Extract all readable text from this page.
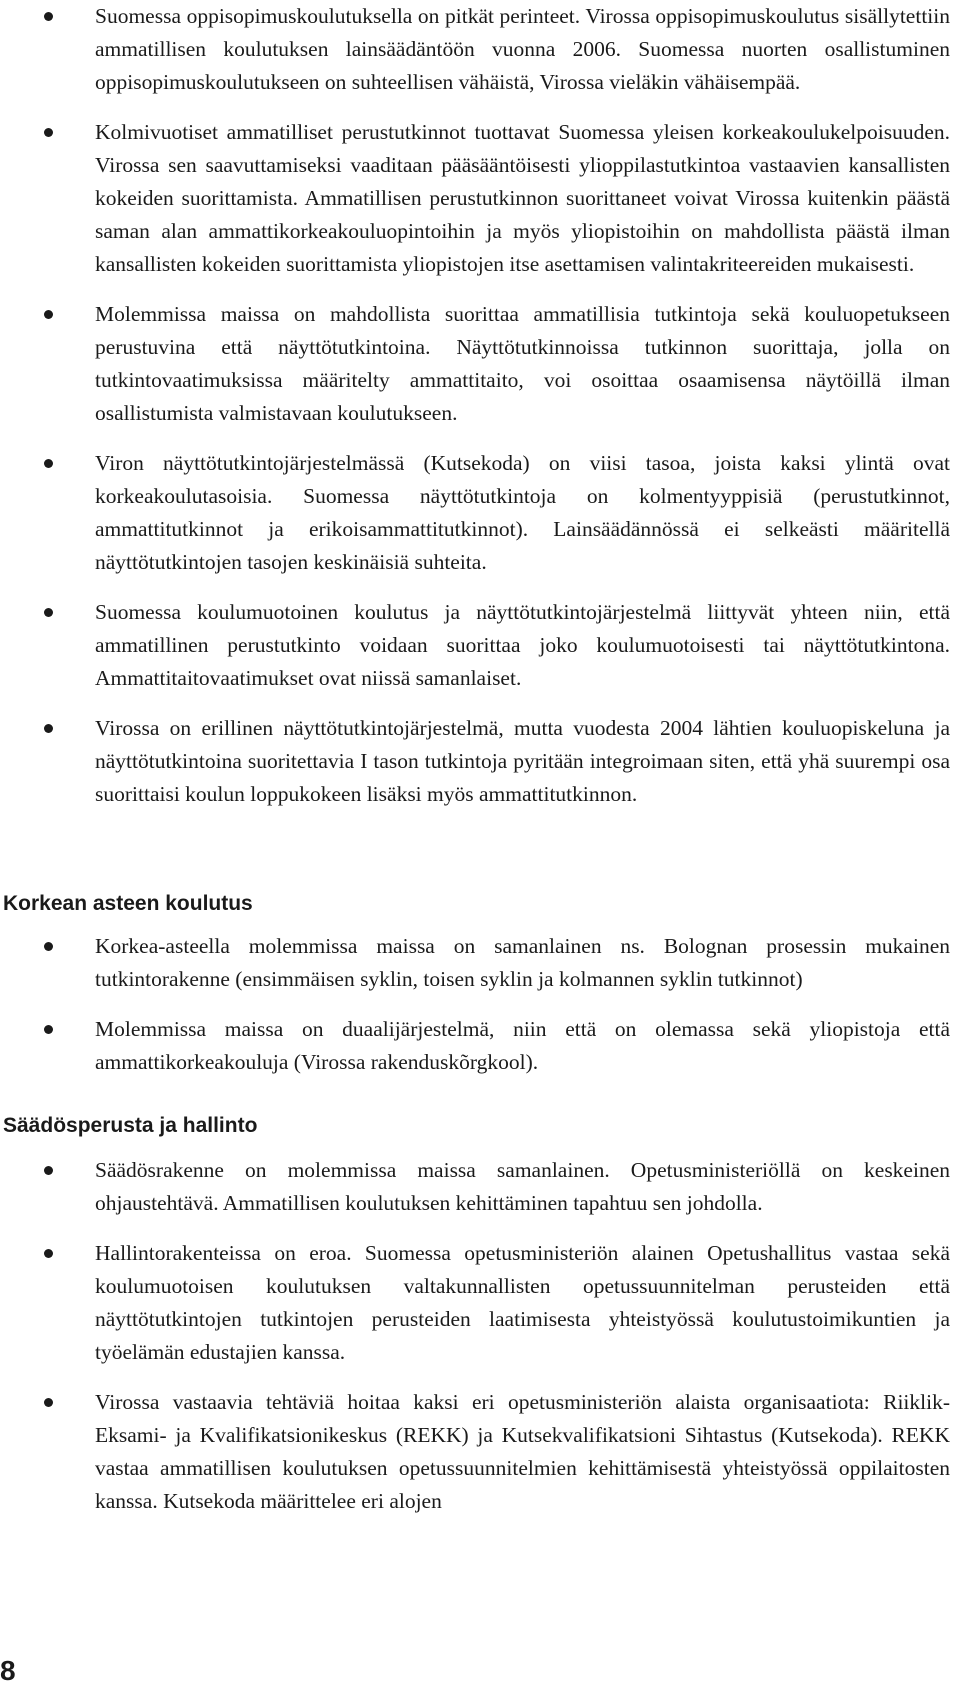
Suomessa oppisopimuskoulutuksella on pitkät perinteet. Virossa oppisopimuskoulutus sisällytettiin ammatillisen koulutuksen lainsäädäntöön vuonna 2006. Suomessa nuorten osallistuminen oppisopimuskoulutukseen on suhteellisen vähäistä, Virossa vieläkin vähäisempää.
Kolmivuotiset ammatilliset perustutkinnot tuottavat Suomessa yleisen korkeakoulukelpoisuuden. Virossa sen saavuttamiseksi vaaditaan pääsääntöisesti ylioppilastutkintoa vastaavien kansallisten kokeiden suorittamista. Ammatillisen perustutkinnon suorittaneet voivat Virossa kuitenkin päästä saman alan ammattikorkeakouluopintoihin ja myös yliopistoihin on mahdollista päästä ilman kansallisten kokeiden suorittamista yliopistojen itse asettamisen valintakriteereiden mukaisesti.
Molemmissa maissa on mahdollista suorittaa ammatillisia tutkintoja sekä kouluopetukseen perustuvina että näyttötutkintoina. Näyttötutkinnoissa tutkinnon suorittaja, jolla on tutkintovaatimuksissa määritelty ammattitaito, voi osoittaa osaamisensa näytöillä ilman osallistumista valmistavaan koulutukseen.
Viron näyttötutkintojärjestelmässä (Kutsekoda) on viisi tasoa, joista kaksi ylintä ovat korkeakoulutasoisia. Suomessa näyttötutkintoja on kolmentyyppisiä (perustutkinnot, ammattitutkinnot ja erikoisammattitutkinnot). Lainsäädännössä ei selkeästi määritellä näyttötutkintojen tasojen keskinäisiä suhteita.
Suomessa koulumuotoinen koulutus ja näyttötutkintojärjestelmä liittyvät yhteen niin, että ammatillinen perustutkinto voidaan suorittaa joko koulumuotoisesti tai näyttötutkintona. Ammattitaitovaatimukset ovat niissä samanlaiset.
Virossa on erillinen näyttötutkintojärjestelmä, mutta vuodesta 2004 lähtien kouluopiskeluna ja näyttötutkintoina suoritettavia I tason tutkintoja pyritään integroimaan siten, että yhä suurempi osa suorittaisi koulun loppukokeen lisäksi myös ammattitutkinnon.
Korkean asteen koulutus
Korkea-asteella molemmissa maissa on samanlainen ns. Bolognan prosessin mukainen tutkintorakenne (ensimmäisen syklin, toisen syklin ja kolmannen syklin tutkinnot)
Molemmissa maissa on duaalijärjestelmä, niin että on olemassa sekä yliopistoja että ammattikorkeakouluja (Virossa rakenduskõrgkool).
Säädösperusta ja hallinto
Säädösrakenne on molemmissa maissa samanlainen. Opetusministeriöllä on keskeinen ohjaustehtävä. Ammatillisen koulutuksen kehittäminen tapahtuu sen johdolla.
Hallintorakenteissa on eroa. Suomessa opetusministeriön alainen Opetushallitus vastaa sekä koulumuotoisen koulutuksen valtakunnallisten opetussuunnitelman perusteiden että näyttötutkintojen tutkintojen perusteiden laatimisesta yhteistyössä koulutustoimikuntien ja työelämän edustajien kanssa.
Virossa vastaavia tehtäviä hoitaa kaksi eri opetusministeriön alaista organisaatiota: Riiklik- Eksami- ja Kvalifikatsionikeskus (REKK) ja Kutsekvalifikatsioni Sihtastus (Kutsekoda). REKK vastaa ammatillisen koulutuksen opetussuunnitelmien kehittämisestä yhteistyössä oppilaitosten kanssa. Kutsekoda määrittelee eri alojen
8
